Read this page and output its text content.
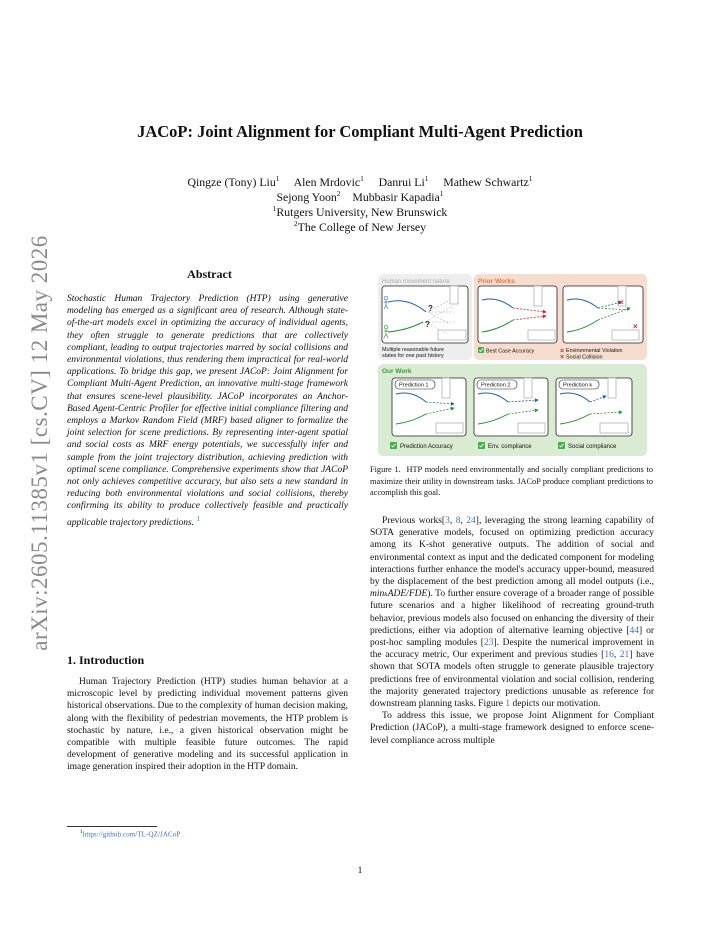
arXiv:2605.11385v1 [cs.CV] 12 May 2026
JACoP: Joint Alignment for Compliant Multi-Agent Prediction
Qingze (Tony) Liu$^1$ Alen Mrdovic$^1$ Danrui Li$^1$ Mathew Schwartz$^1$
Sejong Yoon$^2$ Mubbasir Kapadia$^1$
$^1$Rutgers University, New Brunswick
$^2$The College of New Jersey
Abstract
Stochastic Human Trajectory Prediction (HTP) using generative modeling has emerged as a significant area of research. Although state-of-the-art models excel in optimizing the accuracy of individual agents, they often struggle to generate predictions that are collectively compliant, leading to output trajectories marred by social collisions and environmental violations, thus rendering them impractical for real-world applications. To bridge this gap, we present JACoP: Joint Alignment for Compliant Multi-Agent Prediction, an innovative multi-stage framework that ensures scene-level plausibility. JACoP incorporates an Anchor-Based Agent-Centric Profiler for effective initial compliance filtering and employs a Markov Random Field (MRF) based aligner to formalize the joint selection for scene predictions. By representing inter-agent spatial and social costs as MRF energy potentials, we successfully infer and sample from the joint trajectory distribution, achieving prediction with optimal scene compliance. Comprehensive experiments show that JACoP not only achieves competitive accuracy, but also sets a new standard in reducing both environmental violations and social collisions, thereby confirming its ability to produce collectively feasible and practically applicable trajectory predictions. $^1$
1. Introduction

Human Trajectory Prediction (HTP) studies human behavior at a microscopic level by predicting individual movement patterns given historical observations. Due to the complexity of human decision making, along with the flexibility of pedestrian movements, the HTP problem is stochastic by nature, i.e., a given historical observation might be compatible with multiple feasible future outcomes. The rapid development of generative modeling and its successful application in image generation inspired their adoption in the HTP domain.

$^1$https://github.com/TL-QZ/JACoP
Human movement nature	Prior Works
Our Work
?
?
Multiple reasonable future
states for one past history
×
×
Best Case Accuracy	× Environmental Violation
× Social Collision
Prediction 1	Prediction 2	Prediction k
Prediction Accuracy	Env. compliance	Social compliance
Figure 1. HTP models need environmentally and socially compliant predictions to maximize their utility in downstream tasks. JACoP produce compliant predictions to accomplish this goal.

Previous works[3, 8, 24], leveraging the strong learning capability of SOTA generative models, focused on optimizing prediction accuracy among its K-shot generative outputs. The addition of social and environmental context as input and the dedicated component for modeling interactions further enhance the model's accuracy upper-bound, measured by the displacement of the best prediction among all model outputs (i.e., minₖADE/FDE). To further ensure coverage of a broader range of possible future scenarios and a higher likelihood of recreating ground-truth behavior, previous models also focused on enhancing the diversity of their predictions, either via adoption of alternative learning objective [44] or post-hoc sampling modules [23]. Despite the numerical improvement in the accuracy metric, Our experiment and previous studies [16, 21] have shown that SOTA models often struggle to generate plausible trajectory predictions free of environmental violation and social collision, rendering the majority generated trajectory predictions unusable as reference for downstream planning tasks. Figure 1 depicts our motivation.

To address this issue, we propose Joint Alignment for Compliant Prediction (JACoP), a multi-stage framework designed to enforce scene-level compliance across multiple

1
